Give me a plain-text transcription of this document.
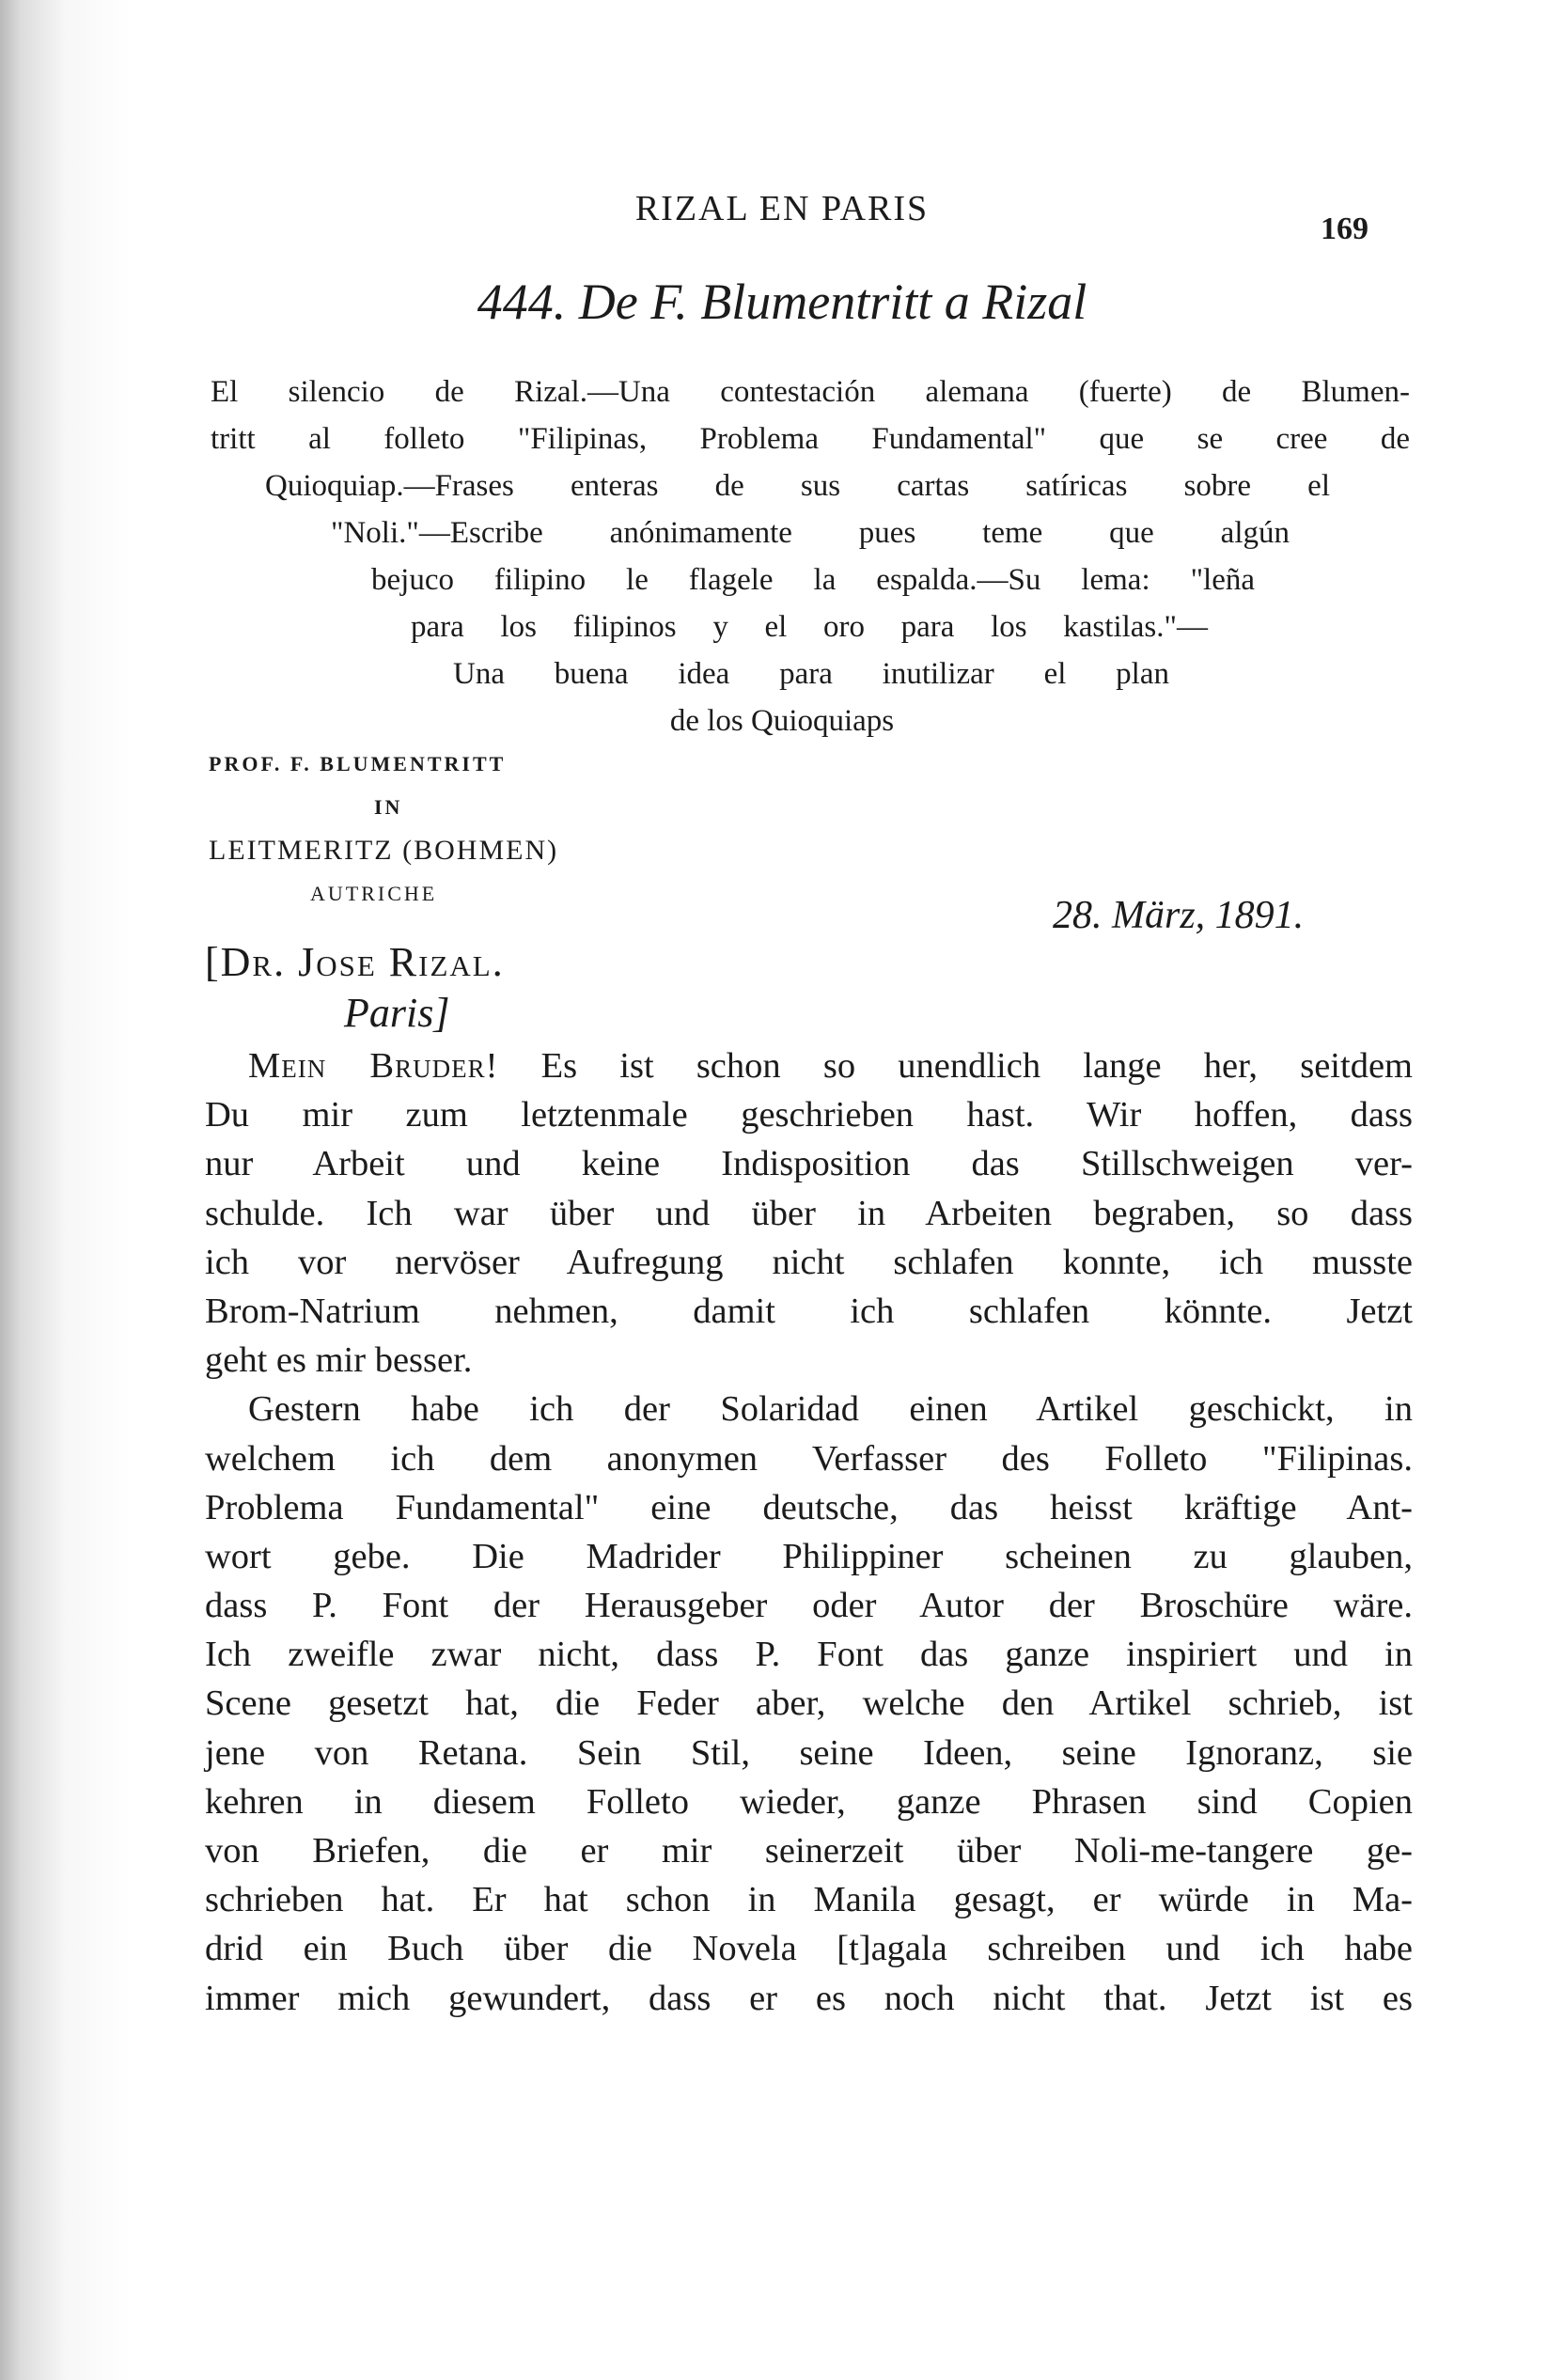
RIZAL EN PARIS
169
444. De F. Blumentritt a Rizal
El silencio de Rizal.—Una contestación alemana (fuerte) de Blumen-
tritt al folleto "Filipinas, Problema Fundamental" que se cree de
Quioquiap.—Frases enteras de sus cartas satíricas sobre el
"Noli."—Escribe anónimamente pues teme que algún
bejuco filipino le flagele la espalda.—Su lema: "leña
para los filipinos y el oro para los kastilas."—
Una buena idea para inutilizar el plan
de los Quioquiaps
PROF. F. BLUMENTRITT
IN
LEITMERITZ (BOHMEN)
AUTRICHE
28. März, 1891.
[Dr. Jose Rizal.
Paris]
Mein Bruder! Es ist schon so unendlich lange her, seitdem
Du mir zum letztenmale geschrieben hast. Wir hoffen, dass
nur Arbeit und keine Indisposition das Stillschweigen ver-
schulde. Ich war über und über in Arbeiten begraben, so dass
ich vor nervöser Aufregung nicht schlafen konnte, ich musste
Brom-Natrium nehmen, damit ich schlafen könnte. Jetzt
geht es mir besser.
Gestern habe ich der Solaridad einen Artikel geschickt, in
welchem ich dem anonymen Verfasser des Folleto "Filipinas.
Problema Fundamental" eine deutsche, das heisst kräftige Ant-
wort gebe. Die Madrider Philippiner scheinen zu glauben,
dass P. Font der Herausgeber oder Autor der Broschüre wäre.
Ich zweifle zwar nicht, dass P. Font das ganze inspiriert und in
Scene gesetzt hat, die Feder aber, welche den Artikel schrieb, ist
jene von Retana. Sein Stil, seine Ideen, seine Ignoranz, sie
kehren in diesem Folleto wieder, ganze Phrasen sind Copien
von Briefen, die er mir seinerzeit über Noli-me-tangere ge-
schrieben hat. Er hat schon in Manila gesagt, er würde in Ma-
drid ein Buch über die Novela [t]agala schreiben und ich habe
immer mich gewundert, dass er es noch nicht that. Jetzt ist es
